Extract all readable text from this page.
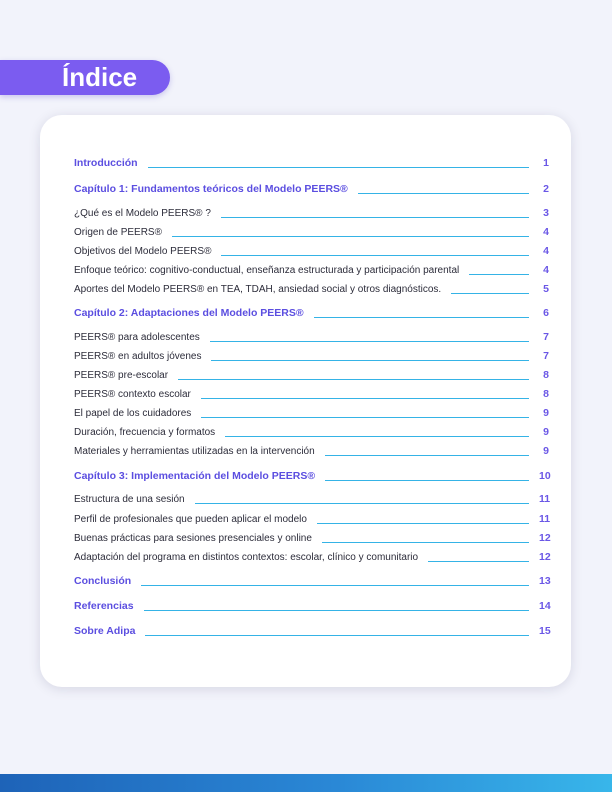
Índice
Introducción	1
Capítulo 1: Fundamentos teóricos del Modelo PEERS®	2
¿Qué es el Modelo PEERS® ?	3
Origen de PEERS®	4
Objetivos del Modelo PEERS®	4
Enfoque teórico: cognitivo-conductual, enseñanza estructurada y participación parental	4
Aportes del Modelo PEERS® en TEA, TDAH, ansiedad social y otros diagnósticos.	5
Capítulo 2: Adaptaciones del Modelo PEERS®	6
PEERS® para adolescentes	7
PEERS® en adultos jóvenes	7
PEERS® pre-escolar	8
PEERS® contexto escolar	8
El papel de los cuidadores	9
Duración, frecuencia y formatos	9
Materiales y herramientas utilizadas en la intervención	9
Capítulo 3: Implementación del Modelo PEERS®	10
Estructura de una sesión	11
Perfil de profesionales que pueden aplicar el modelo	11
Buenas prácticas para sesiones presenciales y online	12
Adaptación del programa en distintos contextos: escolar, clínico y comunitario	12
Conclusión	13
Referencias	14
Sobre Adipa	15
